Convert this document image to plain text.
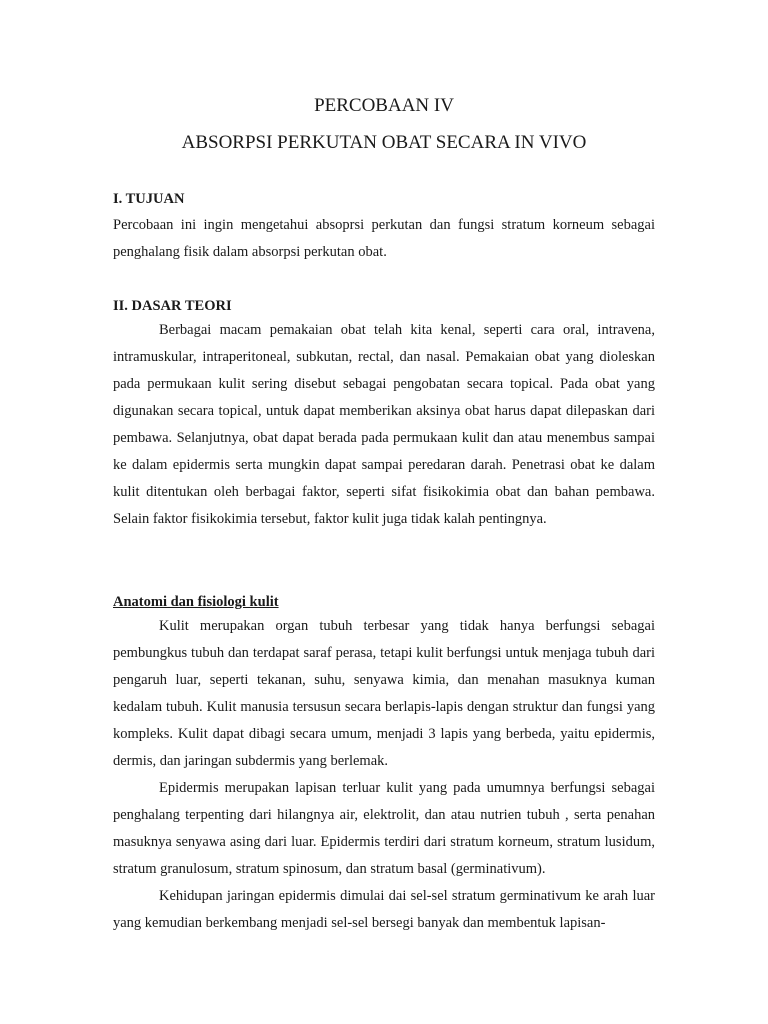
PERCOBAAN IV
ABSORPSI PERKUTAN OBAT SECARA IN VIVO
I. TUJUAN

Percobaan ini ingin mengetahui absoprsi perkutan dan fungsi stratum korneum sebagai penghalang fisik dalam absorpsi perkutan obat.

II. DASAR TEORI

Berbagai macam pemakaian obat telah kita kenal, seperti cara oral, intravena, intramuskular, intraperitoneal, subkutan, rectal, dan nasal. Pemakaian obat yang dioleskan pada permukaan kulit sering disebut sebagai pengobatan secara topical. Pada obat yang digunakan secara topical, untuk dapat memberikan aksinya obat harus dapat dilepaskan dari pembawa. Selanjutnya, obat dapat berada pada permukaan kulit dan atau menembus sampai ke dalam epidermis serta mungkin dapat sampai peredaran darah. Penetrasi obat ke dalam kulit ditentukan oleh berbagai faktor, seperti sifat fisikokimia obat dan bahan pembawa. Selain faktor fisikokimia tersebut, faktor kulit juga tidak kalah pentingnya.

Anatomi dan fisiologi kulit

Kulit merupakan organ tubuh terbesar yang tidak hanya berfungsi sebagai pembungkus tubuh dan terdapat saraf perasa, tetapi kulit berfungsi untuk menjaga tubuh dari pengaruh luar, seperti tekanan, suhu, senyawa kimia, dan menahan masuknya kuman kedalam tubuh. Kulit manusia tersusun secara berlapis-lapis dengan struktur dan fungsi yang kompleks. Kulit dapat dibagi secara umum, menjadi 3 lapis yang berbeda, yaitu epidermis, dermis, dan jaringan subdermis yang berlemak.

Epidermis merupakan lapisan terluar kulit yang pada umumnya berfungsi sebagai penghalang terpenting dari hilangnya air, elektrolit, dan atau nutrien tubuh , serta penahan masuknya senyawa asing dari luar. Epidermis terdiri dari stratum korneum, stratum lusidum, stratum granulosum, stratum spinosum, dan stratum basal (germinativum).

Kehidupan jaringan epidermis dimulai dai sel-sel stratum germinativum ke arah luar yang kemudian berkembang menjadi sel-sel bersegi banyak dan membentuk lapisan-
